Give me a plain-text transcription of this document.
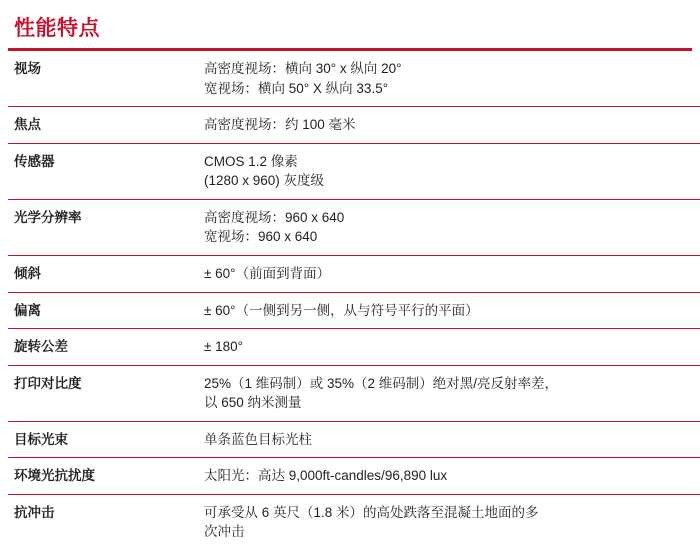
性能特点
视场	高密度视场：横向 30° x 纵向 20°
宽视场：横向 50° X 纵向 33.5°

焦点	高密度视场：约 100 毫米

传感器	CMOS 1.2 像素
(1280 x 960) 灰度级

光学分辨率	高密度视场：960 x 640
宽视场：960 x 640

倾斜	± 60°（前面到背面）

偏离	± 60°（一侧到另一侧，从与符号平行的平面）

旋转公差	± 180°

打印对比度	25%（1 维码制）或 35%（2 维码制）绝对黑/亮反射率差，
以 650 纳米测量

目标光束	单条蓝色目标光柱

环境光抗扰度	太阳光：高达 9,000ft-candles/96,890 lux

抗冲击	可承受从 6 英尺（1.8 米）的高处跌落至混凝土地面的多
次冲击
